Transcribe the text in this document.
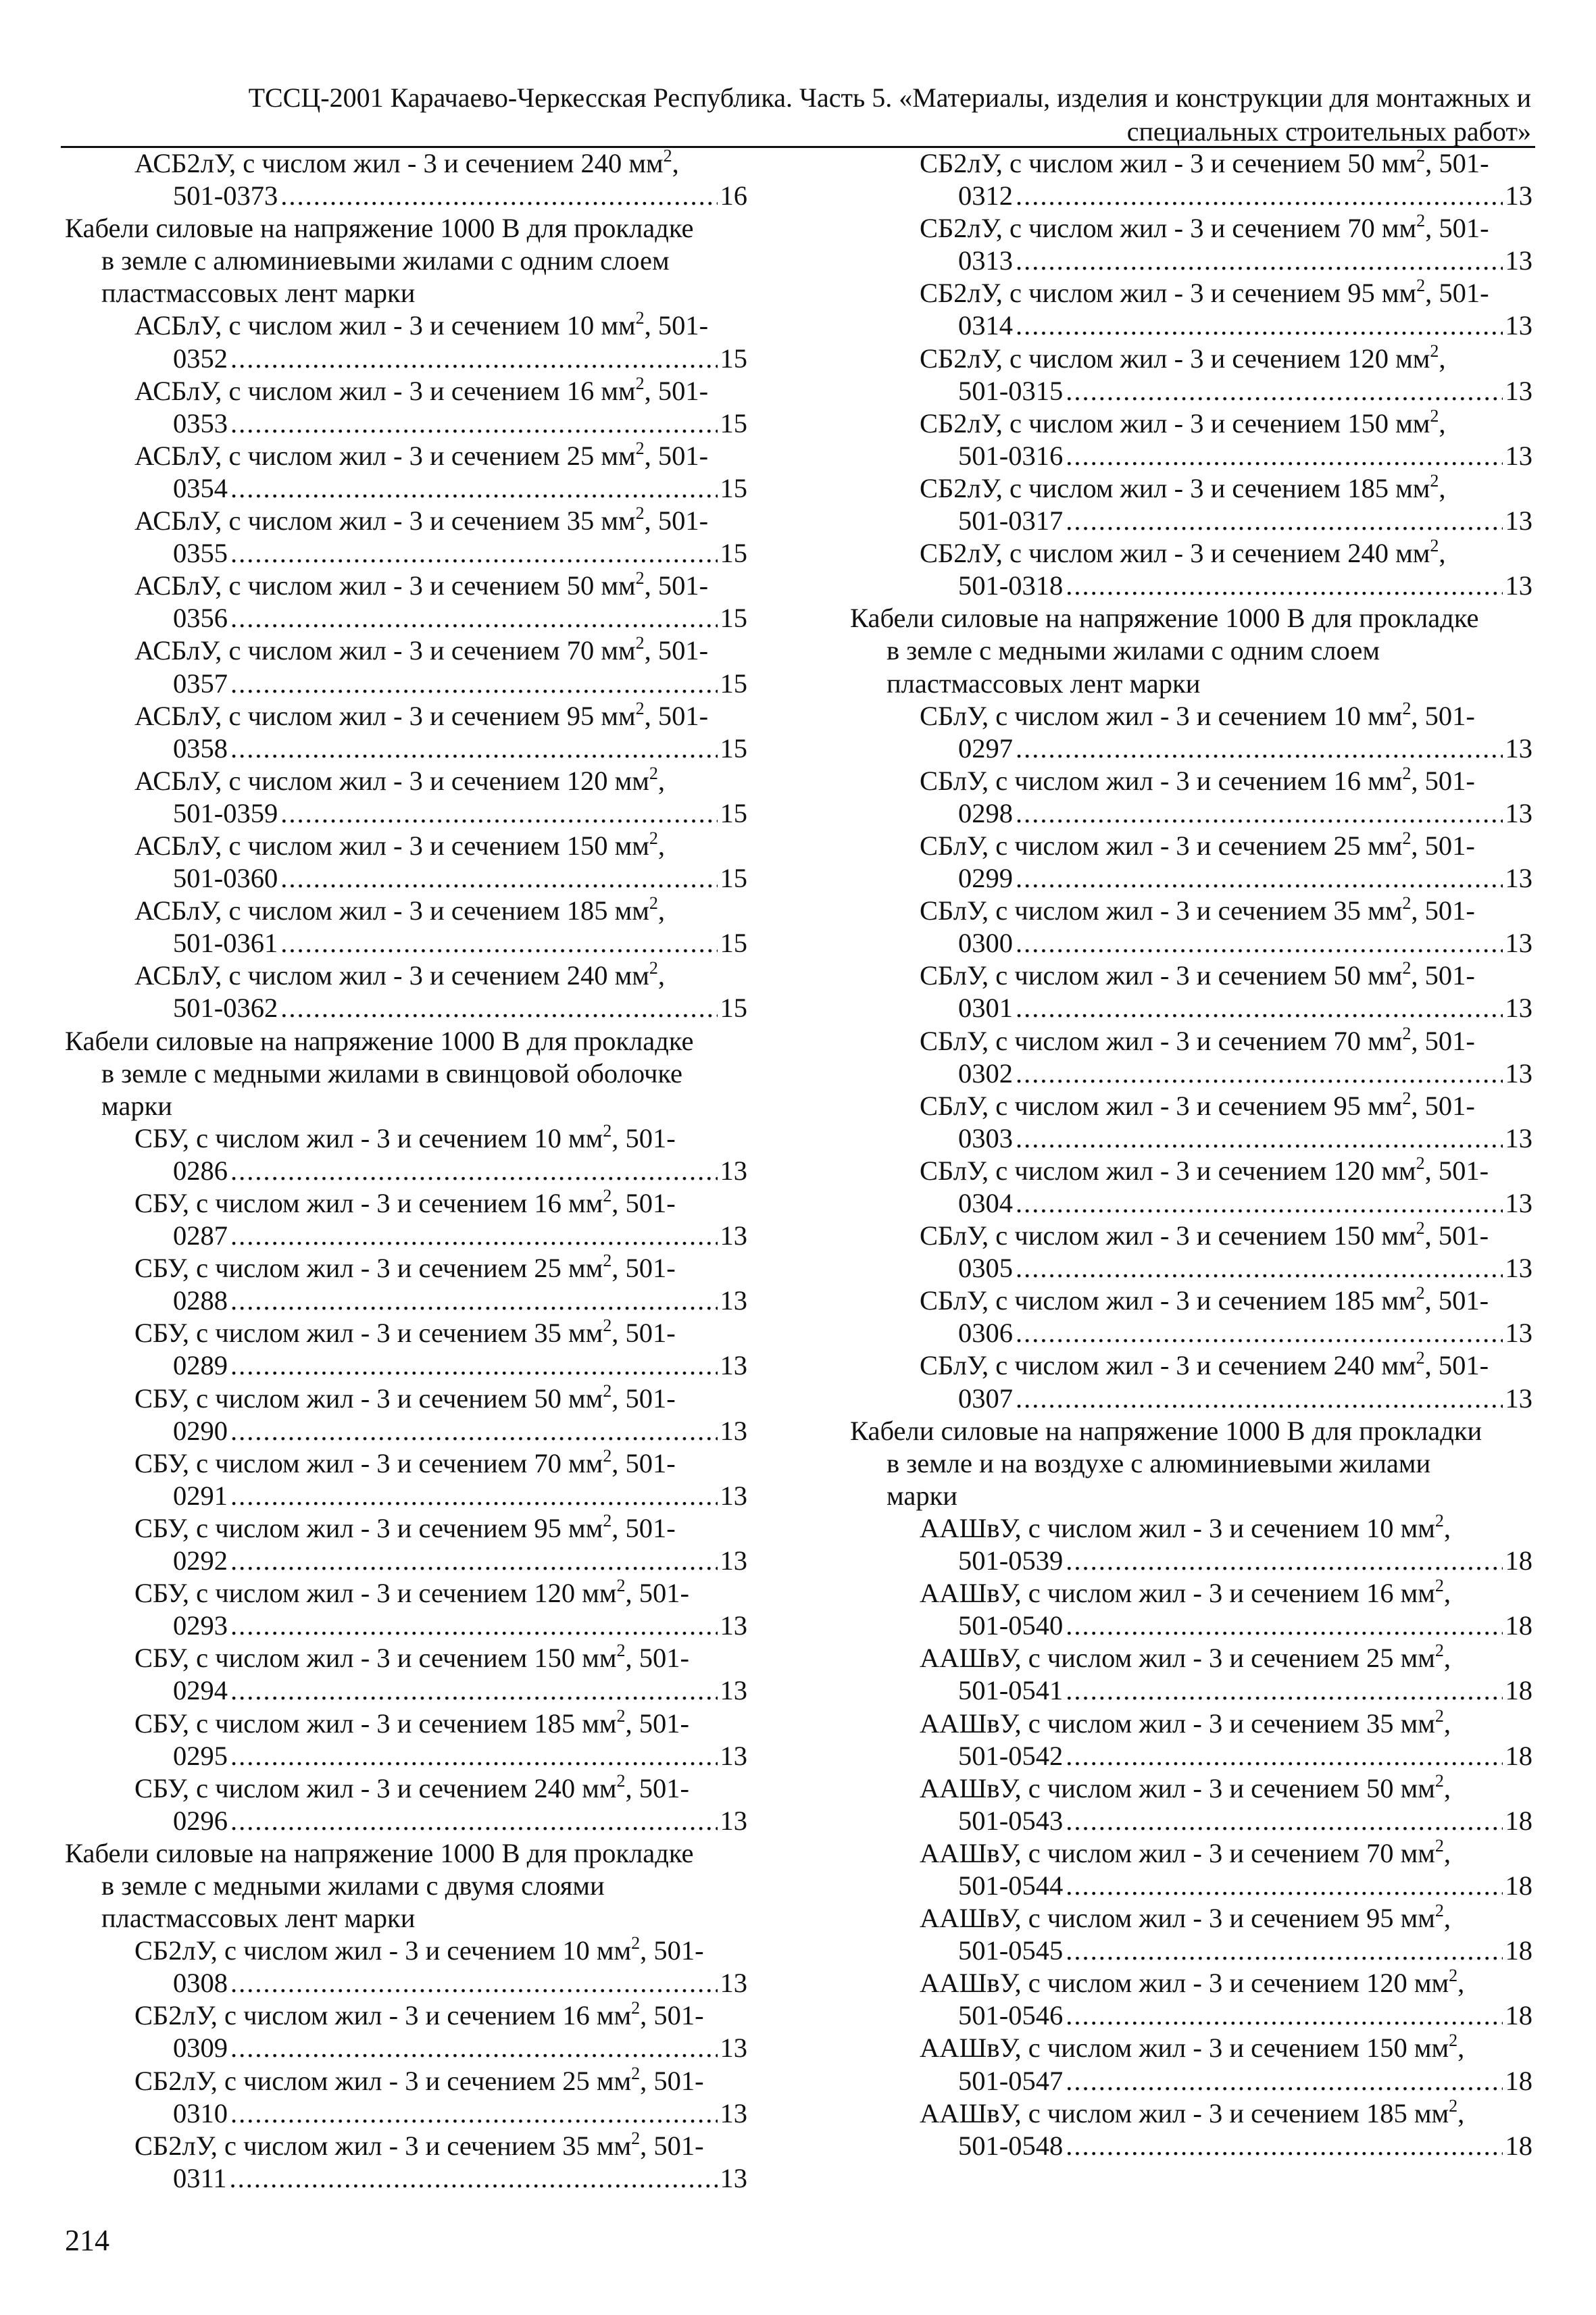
ТССЦ-2001 Карачаево-Черкесская Республика. Часть 5. «Материалы, изделия и конструкции для монтажных и
специальных строительных работ»
АСБ2лУ, с числом жил - 3 и сечением 240 $мм^2$,
501-0373 .....	16
Кабели силовые на напряжение 1000 В для прокладке
в земле с алюминиевыми жилами с одним слоем
пластмассовых лент марки
АСБлУ, с числом жил - 3 и сечением 10 $мм^2$, 501-
0352 .....	15
АСБлУ, с числом жил - 3 и сечением 16 $мм^2$, 501-
0353 .....	15
АСБлУ, с числом жил - 3 и сечением 25 $мм^2$, 501-
0354 .....	15
АСБлУ, с числом жил - 3 и сечением 35 $мм^2$, 501-
0355 .....	15
АСБлУ, с числом жил - 3 и сечением 50 $мм^2$, 501-
0356 .....	15
АСБлУ, с числом жил - 3 и сечением 70 $мм^2$, 501-
0357 .....	15
АСБлУ, с числом жил - 3 и сечением 95 $мм^2$, 501-
0358 .....	15
АСБлУ, с числом жил - 3 и сечением 120 $мм^2$,
501-0359 .....	15
АСБлУ, с числом жил - 3 и сечением 150 $мм^2$,
501-0360 .....	15
АСБлУ, с числом жил - 3 и сечением 185 $мм^2$,
501-0361 .....	15
АСБлУ, с числом жил - 3 и сечением 240 $мм^2$,
501-0362 .....	15
Кабели силовые на напряжение 1000 В для прокладке
в земле с медными жилами в свинцовой оболочке
марки
СБУ, с числом жил - 3 и сечением 10 $мм^2$, 501-
0286 .....	13
СБУ, с числом жил - 3 и сечением 16 $мм^2$, 501-
0287 .....	13
СБУ, с числом жил - 3 и сечением 25 $мм^2$, 501-
0288 .....	13
СБУ, с числом жил - 3 и сечением 35 $мм^2$, 501-
0289 .....	13
СБУ, с числом жил - 3 и сечением 50 $мм^2$, 501-
0290 .....	13
СБУ, с числом жил - 3 и сечением 70 $мм^2$, 501-
0291 .....	13
СБУ, с числом жил - 3 и сечением 95 $мм^2$, 501-
0292 .....	13
СБУ, с числом жил - 3 и сечением 120 $мм^2$, 501-
0293 .....	13
СБУ, с числом жил - 3 и сечением 150 $мм^2$, 501-
0294 .....	13
СБУ, с числом жил - 3 и сечением 185 $мм^2$, 501-
0295 .....	13
СБУ, с числом жил - 3 и сечением 240 $мм^2$, 501-
0296 .....	13
Кабели силовые на напряжение 1000 В для прокладке
в земле с медными жилами с двумя слоями
пластмассовых лент марки
СБ2лУ, с числом жил - 3 и сечением 10 $мм^2$, 501-
0308 .....	13
СБ2лУ, с числом жил - 3 и сечением 16 $мм^2$, 501-
0309 .....	13
СБ2лУ, с числом жил - 3 и сечением 25 $мм^2$, 501-
0310 .....	13
СБ2лУ, с числом жил - 3 и сечением 35 $мм^2$, 501-
0311 .....	13
СБ2лУ, с числом жил - 3 и сечением 50 $мм^2$, 501-
0312 .....	13
СБ2лУ, с числом жил - 3 и сечением 70 $мм^2$, 501-
0313 .....	13
СБ2лУ, с числом жил - 3 и сечением 95 $мм^2$, 501-
0314 .....	13
СБ2лУ, с числом жил - 3 и сечением 120 $мм^2$,
501-0315 .....	13
СБ2лУ, с числом жил - 3 и сечением 150 $мм^2$,
501-0316 .....	13
СБ2лУ, с числом жил - 3 и сечением 185 $мм^2$,
501-0317 .....	13
СБ2лУ, с числом жил - 3 и сечением 240 $мм^2$,
501-0318 .....	13
Кабели силовые на напряжение 1000 В для прокладке
в земле с медными жилами с одним слоем
пластмассовых лент марки
СБлУ, с числом жил - 3 и сечением 10 $мм^2$, 501-
0297 .....	13
СБлУ, с числом жил - 3 и сечением 16 $мм^2$, 501-
0298 .....	13
СБлУ, с числом жил - 3 и сечением 25 $мм^2$, 501-
0299 .....	13
СБлУ, с числом жил - 3 и сечением 35 $мм^2$, 501-
0300 .....	13
СБлУ, с числом жил - 3 и сечением 50 $мм^2$, 501-
0301 .....	13
СБлУ, с числом жил - 3 и сечением 70 $мм^2$, 501-
0302 .....	13
СБлУ, с числом жил - 3 и сечением 95 $мм^2$, 501-
0303 .....	13
СБлУ, с числом жил - 3 и сечением 120 $мм^2$, 501-
0304 .....	13
СБлУ, с числом жил - 3 и сечением 150 $мм^2$, 501-
0305 .....	13
СБлУ, с числом жил - 3 и сечением 185 $мм^2$, 501-
0306 .....	13
СБлУ, с числом жил - 3 и сечением 240 $мм^2$, 501-
0307 .....	13
Кабели силовые на напряжение 1000 В для прокладки
в земле и на воздухе с алюминиевыми жилами
марки
ААШвУ, с числом жил - 3 и сечением 10 $мм^2$,
501-0539 .....	18
ААШвУ, с числом жил - 3 и сечением 16 $мм^2$,
501-0540 .....	18
ААШвУ, с числом жил - 3 и сечением 25 $мм^2$,
501-0541 .....	18
ААШвУ, с числом жил - 3 и сечением 35 $мм^2$,
501-0542 .....	18
ААШвУ, с числом жил - 3 и сечением 50 $мм^2$,
501-0543 .....	18
ААШвУ, с числом жил - 3 и сечением 70 $мм^2$,
501-0544 .....	18
ААШвУ, с числом жил - 3 и сечением 95 $мм^2$,
501-0545 .....	18
ААШвУ, с числом жил - 3 и сечением 120 $мм^2$,
501-0546 .....	18
ААШвУ, с числом жил - 3 и сечением 150 $мм^2$,
501-0547 .....	18
ААШвУ, с числом жил - 3 и сечением 185 $мм^2$,
501-0548 .....	18
214
